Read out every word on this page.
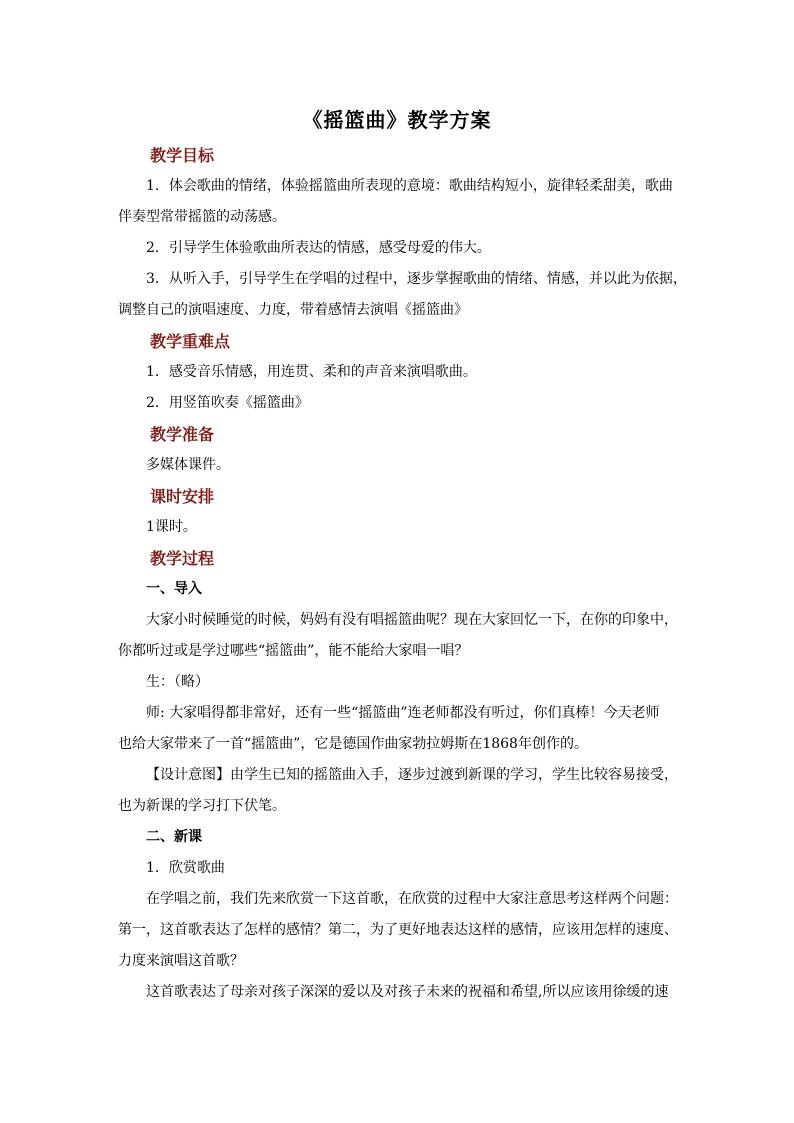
《摇篮曲》教学方案
教学目标
1．体会歌曲的情绪，体验摇篮曲所表现的意境：歌曲结构短小，旋律轻柔甜美，歌曲
伴奏型常带摇篮的动荡感。
2．引导学生体验歌曲所表达的情感，感受母爱的伟大。
3．从听入手，引导学生在学唱的过程中，逐步掌握歌曲的情绪、情感，并以此为依据，
调整自己的演唱速度、力度，带着感情去演唱《摇篮曲》
教学重难点
1．感受音乐情感，用连贯、柔和的声音来演唱歌曲。
2．用竖笛吹奏《摇篮曲》
教学准备
多媒体课件。
课时安排
1课时。
教学过程
一、导入
大家小时候睡觉的时候，妈妈有没有唱摇篮曲呢？现在大家回忆一下，在你的印象中，
你都听过或是学过哪些“摇篮曲”，能不能给大家唱一唱？
生：（略）
师: 大家唱得都非常好，还有一些“摇篮曲”连老师都没有听过，你们真棒！今天老师
也给大家带来了一首“摇篮曲”，它是德国作曲家勃拉姆斯在1868年创作的。
【设计意图】由学生已知的摇篮曲入手，逐步过渡到新课的学习，学生比较容易接受，
也为新课的学习打下伏笔。
二、新课
1．欣赏歌曲
在学唱之前，我们先来欣赏一下这首歌，在欣赏的过程中大家注意思考这样两个问题：
第一，这首歌表达了怎样的感情？第二，为了更好地表达这样的感情，应该用怎样的速度、
力度来演唱这首歌？
这首歌表达了母亲对孩子深深的爱以及对孩子未来的祝福和希望,所以应该用徐缓的速
